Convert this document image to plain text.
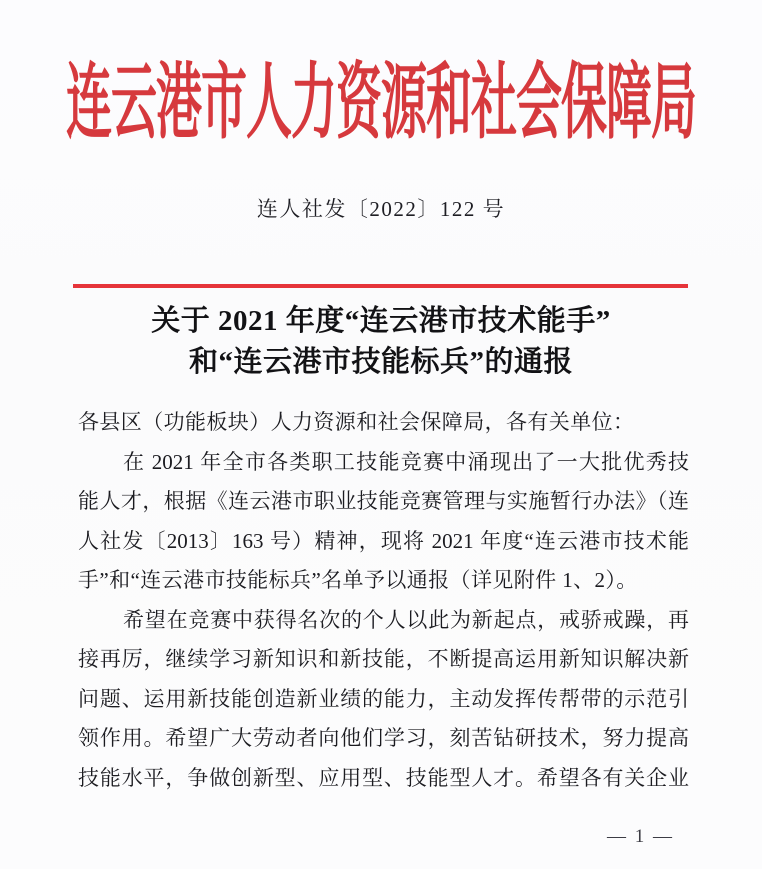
连云港市人力资源和社会保障局
连人社发〔2022〕122 号
关于 2021 年度“连云港市技术能手”
和“连云港市技能标兵”的通报
各县区（功能板块）人力资源和社会保障局，各有关单位：
在 2021 年全市各类职工技能竞赛中涌现出了一大批优秀技
能人才，根据《连云港市职业技能竞赛管理与实施暂行办法》（连
人社发〔2013〕163 号）精神，现将 2021 年度“连云港市技术能
手”和“连云港市技能标兵”名单予以通报（详见附件 1、2）。
希望在竞赛中获得名次的个人以此为新起点，戒骄戒躁，再
接再厉，继续学习新知识和新技能，不断提高运用新知识解决新
问题、运用新技能创造新业绩的能力，主动发挥传帮带的示范引
领作用。希望广大劳动者向他们学习，刻苦钻研技术，努力提高
技能水平，争做创新型、应用型、技能型人才。希望各有关企业
— 1 —
